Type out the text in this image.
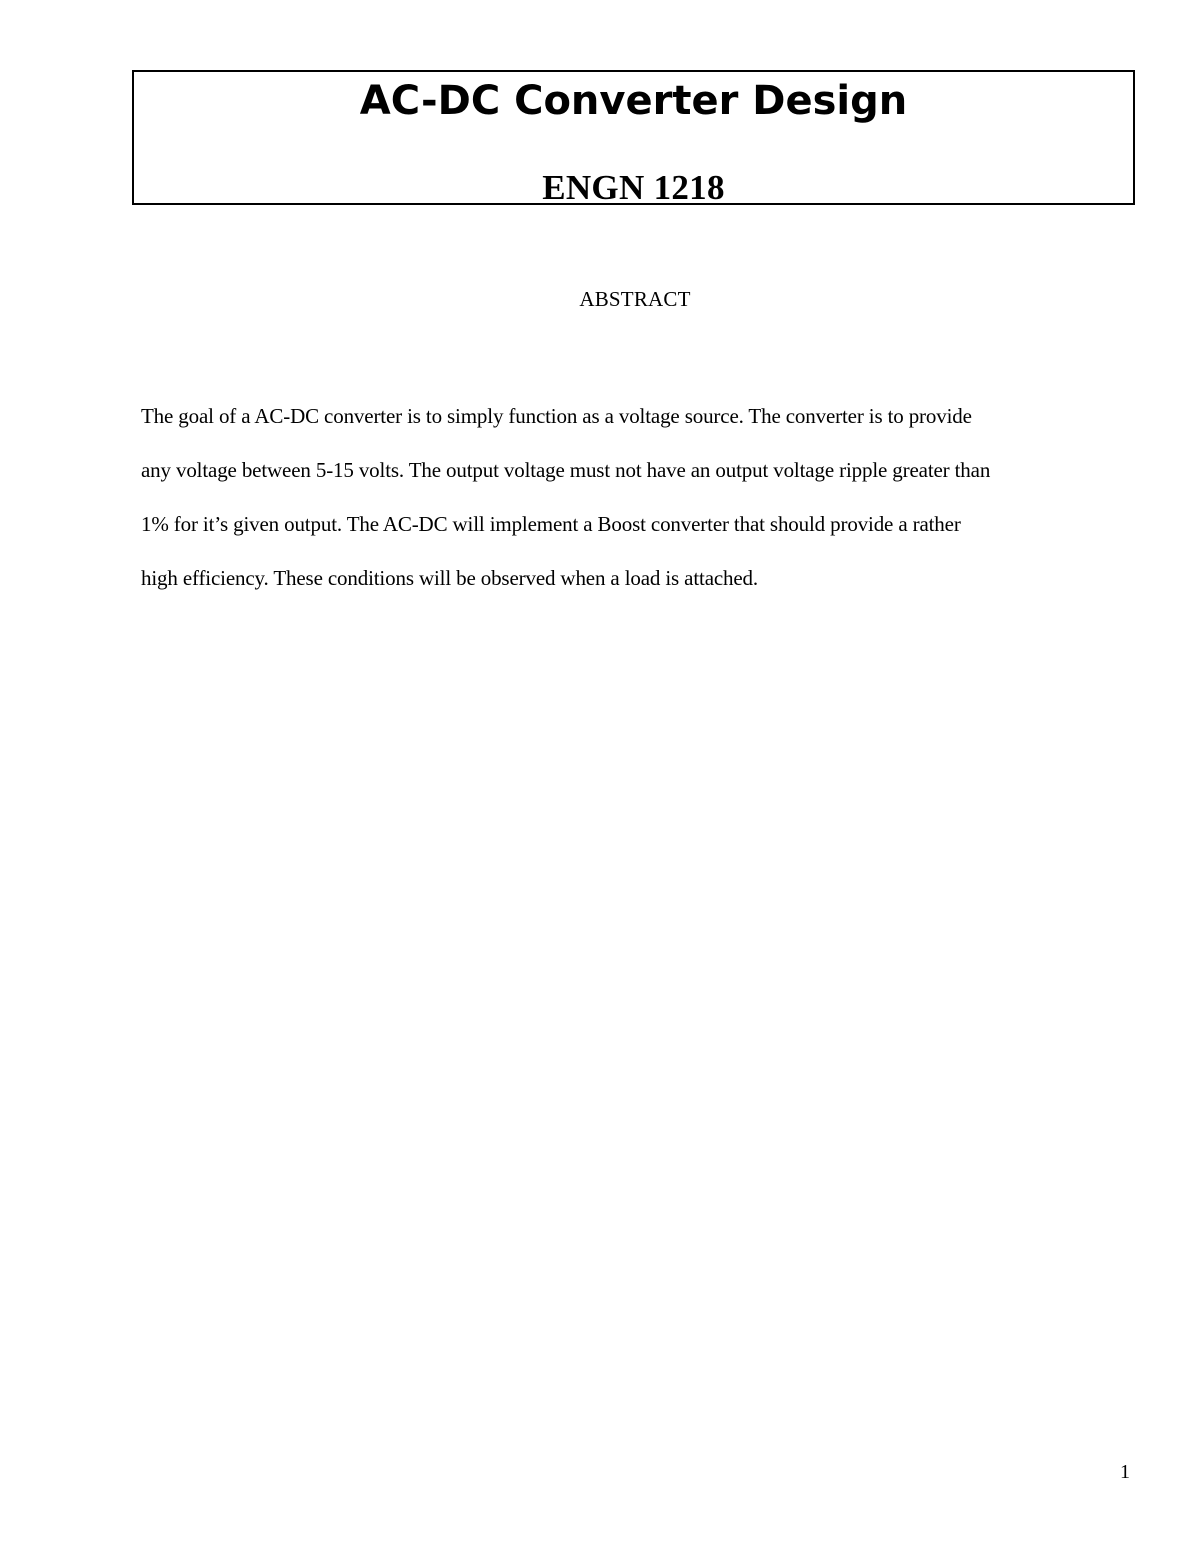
AC-DC Converter Design
ENGN 1218
ABSTRACT

The goal of a AC-DC converter is to simply function as a voltage source. The converter is to provide
any voltage between 5-15 volts. The output voltage must not have an output voltage ripple greater than
1% for it’s given output. The AC-DC will implement a Boost converter that should provide a rather
high efficiency. These conditions will be observed when a load is attached.

1
